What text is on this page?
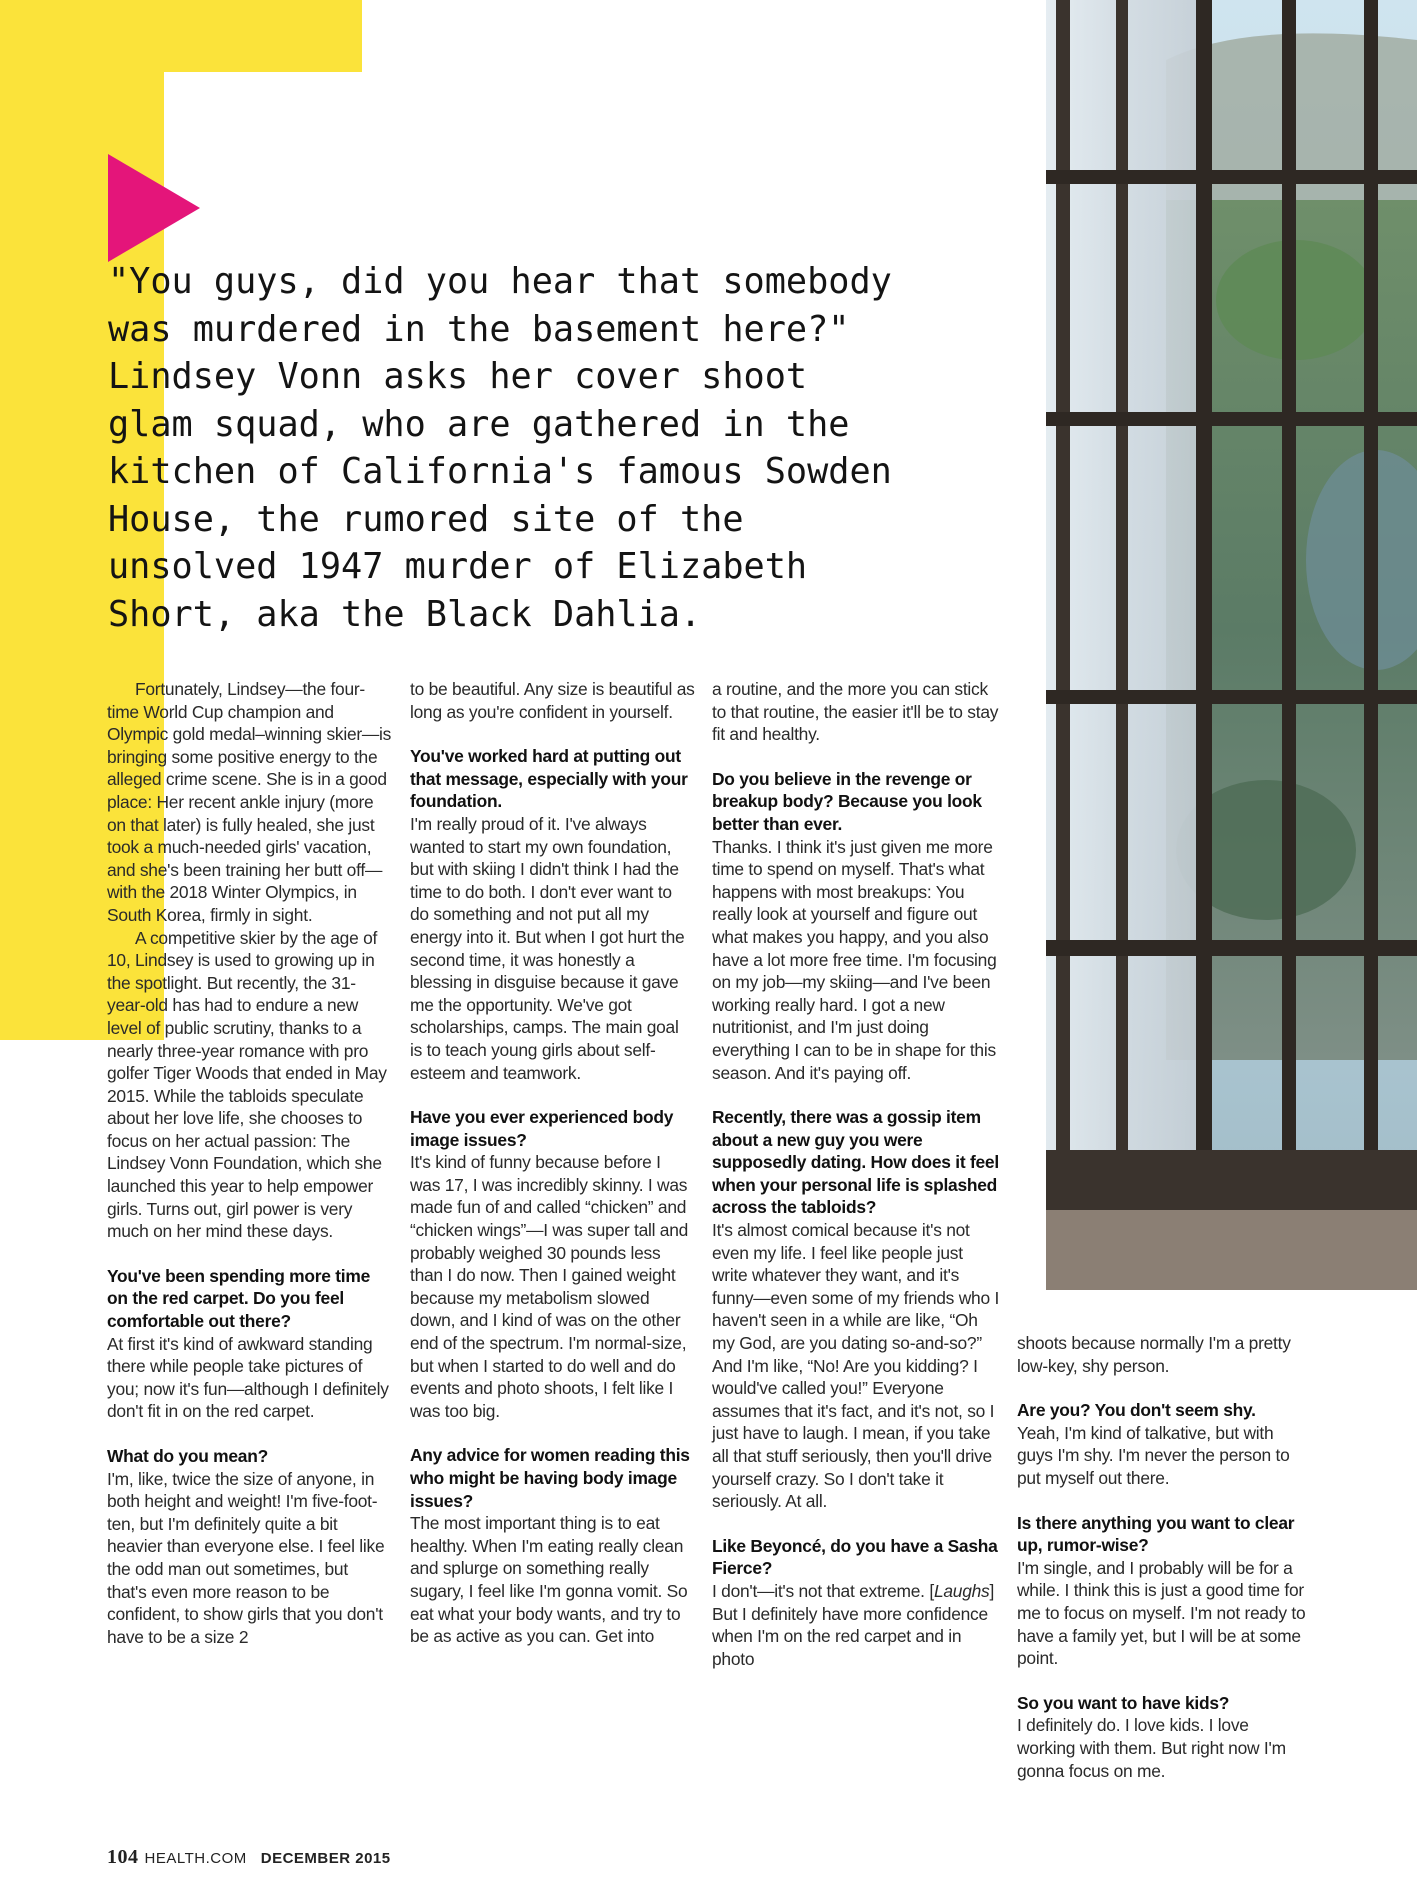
"You guys, did you hear that somebody
was murdered in the basement here?"
Lindsey Vonn asks her cover shoot
glam squad, who are gathered in the
kitchen of California's famous Sowden
House, the rumored site of the
unsolved 1947 murder of Elizabeth
Short, aka the Black Dahlia.

Fortunately, Lindsey—the four-time World Cup champion and Olympic gold medal–winning skier—is bringing some positive energy to the alleged crime scene. She is in a good place: Her recent ankle injury (more on that later) is fully healed, she just took a much-needed girls' vacation, and she's been training her butt off—with the 2018 Winter Olympics, in South Korea, firmly in sight.

A competitive skier by the age of 10, Lindsey is used to growing up in the spotlight. But recently, the 31-year-old has had to endure a new level of public scrutiny, thanks to a nearly three-year romance with pro golfer Tiger Woods that ended in May 2015. While the tabloids speculate about her love life, she chooses to focus on her actual passion: The Lindsey Vonn Foundation, which she launched this year to help empower girls. Turns out, girl power is very much on her mind these days.

You've been spending more time on the red carpet. Do you feel comfortable out there?

At first it's kind of awkward standing there while people take pictures of you; now it's fun—although I definitely don't fit in on the red carpet.

What do you mean?

I'm, like, twice the size of anyone, in both height and weight! I'm five-foot-ten, but I'm definitely quite a bit heavier than everyone else. I feel like the odd man out sometimes, but that's even more reason to be confident, to show girls that you don't have to be a size 2

to be beautiful. Any size is beautiful as long as you're confident in yourself.

You've worked hard at putting out that message, especially with your foundation.

I'm really proud of it. I've always wanted to start my own foundation, but with skiing I didn't think I had the time to do both. I don't ever want to do something and not put all my energy into it. But when I got hurt the second time, it was honestly a blessing in disguise because it gave me the opportunity. We've got scholarships, camps. The main goal is to teach young girls about self-esteem and teamwork.

Have you ever experienced body image issues?

It's kind of funny because before I was 17, I was incredibly skinny. I was made fun of and called “chicken” and “chicken wings”—I was super tall and probably weighed 30 pounds less than I do now. Then I gained weight because my metabolism slowed down, and I kind of was on the other end of the spectrum. I'm normal-size, but when I started to do well and do events and photo shoots, I felt like I was too big.

Any advice for women reading this who might be having body image issues?

The most important thing is to eat healthy. When I'm eating really clean and splurge on something really sugary, I feel like I'm gonna vomit. So eat what your body wants, and try to be as active as you can. Get into

a routine, and the more you can stick to that routine, the easier it'll be to stay fit and healthy.

Do you believe in the revenge or breakup body? Because you look better than ever.

Thanks. I think it's just given me more time to spend on myself. That's what happens with most breakups: You really look at yourself and figure out what makes you happy, and you also have a lot more free time. I'm focusing on my job—my skiing—and I've been working really hard. I got a new nutritionist, and I'm just doing everything I can to be in shape for this season. And it's paying off.

Recently, there was a gossip item about a new guy you were supposedly dating. How does it feel when your personal life is splashed across the tabloids?

It's almost comical because it's not even my life. I feel like people just write whatever they want, and it's funny—even some of my friends who I haven't seen in a while are like, “Oh my God, are you dating so-and-so?” And I'm like, “No! Are you kidding? I would've called you!” Everyone assumes that it's fact, and it's not, so I just have to laugh. I mean, if you take all that stuff seriously, then you'll drive yourself crazy. So I don't take it seriously. At all.

Like Beyoncé, do you have a Sasha Fierce?

I don't—it's not that extreme. [Laughs] But I definitely have more confidence when I'm on the red carpet and in photo

shoots because normally I'm a pretty low-key, shy person.

Are you? You don't seem shy.

Yeah, I'm kind of talkative, but with guys I'm shy. I'm never the person to put myself out there.

Is there anything you want to clear up, rumor-wise?

I'm single, and I probably will be for a while. I think this is just a good time for me to focus on myself. I'm not ready to have a family yet, but I will be at some point.

So you want to have kids?

I definitely do. I love kids. I love working with them. But right now I'm gonna focus on me.

104 HEALTH.COM DECEMBER 2015
